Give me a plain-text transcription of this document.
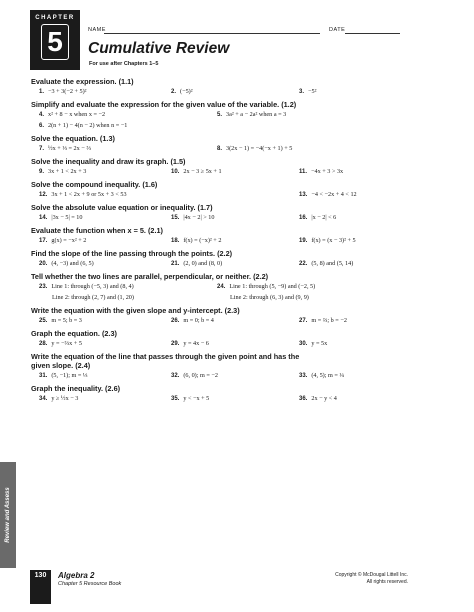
CHAPTER
5	NAME	DATE
Cumulative Review
For use after Chapters 1–5
Evaluate the expression. (1.1)
1. −3 + 3(−2 + 5)²	2. (−5)²	3. −5²
Simplify and evaluate the expression for the given value of the variable. (1.2)
4. x² + 8 − x when x = −2	5. 3a² + a − 2a² when a = 3
6. 2(n + 1) − 4(n − 2) when n = −1
Solve the equation. (1.3)
7. ½x + ⅓ = 2x − ⅔	8. 3(2x − 1) = −4(−x + 1) + 5
Solve the inequality and draw its graph. (1.5)
9. 3x + 1 < 2x + 3	10. 2x − 3 ≥ 5x + 1	11. −4x + 3 > 3x
Solve the compound inequality. (1.6)
12. 3x + 1 < 2x + 9 or 5x + 3 < 53	13. −4 < −2x + 4 < 12
Solve the absolute value equation or inequality. (1.7)
14. |3x − 5| = 10	15. |4x − 2| > 10	16. |x − 2| < 6
Evaluate the function when x = 5. (2.1)
17. g(x) = −x² + 2	18. f(x) = (−x)² + 2	19. f(x) = (x − 3)² + 5
Find the slope of the line passing through the points. (2.2)
20. (4, −3) and (6, 5)	21. (2, 0) and (8, 0)	22. (5, 8) and (5, 14)
Tell whether the two lines are parallel, perpendicular, or neither. (2.2)
23. Line 1: through (−5, 3) and (8, 4)	24. Line 1: through (5, −9) and (−2, 5)
Line 2: through (2, 7) and (1, 20)	Line 2: through (6, 3) and (9, 9)
Write the equation with the given slope and y-intercept. (2.3)
25. m = 5; b = 3	26. m = 0; b = 4	27. m = ⅔; b = −2
Graph the equation. (2.3)
28. y = −⅔x + 5	29. y = 4x − 6	30. y = 5x
Write the equation of the line that passes through the given point and has the given slope. (2.4)
31. (5, −1); m = ⅓	32. (6, 0); m = −2	33. (4, 5); m = ¼
Graph the inequality. (2.6)
34. y ≥ ½x − 3	35. y < −x + 5	36. 2x − y < 4
Review and Assess
130	Algebra 2
Chapter 5 Resource Book
Copyright © McDougal Littell Inc.
All rights reserved.
